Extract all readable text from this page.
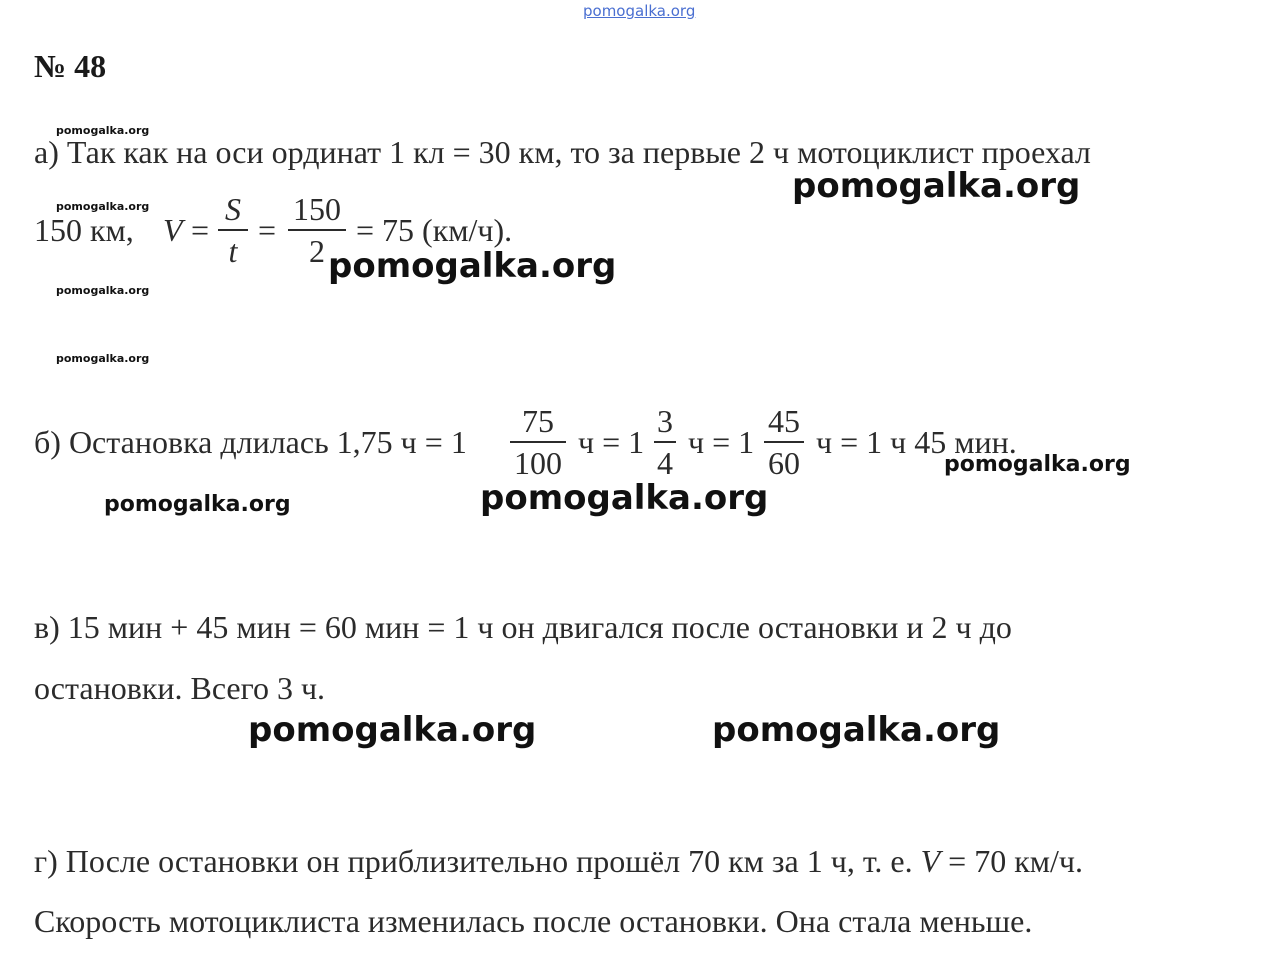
pomogalka.org
№ 48
pomogalka.org
а) Так как на оси ординат 1 кл = 30 км, то за первые 2 ч мотоциклист проехал
pomogalka.org
pomogalka.org
150 км, V =
S
t
=
150
2
= 75 (км/ч).
pomogalka.org
pomogalka.org
pomogalka.org
б) Остановка длилась 1,75 ч = 1
75
100
ч = 1
3
4
ч = 1
45
60
ч = 1 ч 45 мин.
pomogalka.org
pomogalka.org
pomogalka.org
в) 15 мин + 45 мин = 60 мин = 1 ч он двигался после остановки и 2 ч до
остановки. Всего 3 ч.
pomogalka.org	pomogalka.org
г) После остановки он приблизительно прошёл 70 км за 1 ч, т. е. V = 70 км/ч.
Скорость мотоциклиста изменилась после остановки. Она стала меньше.
